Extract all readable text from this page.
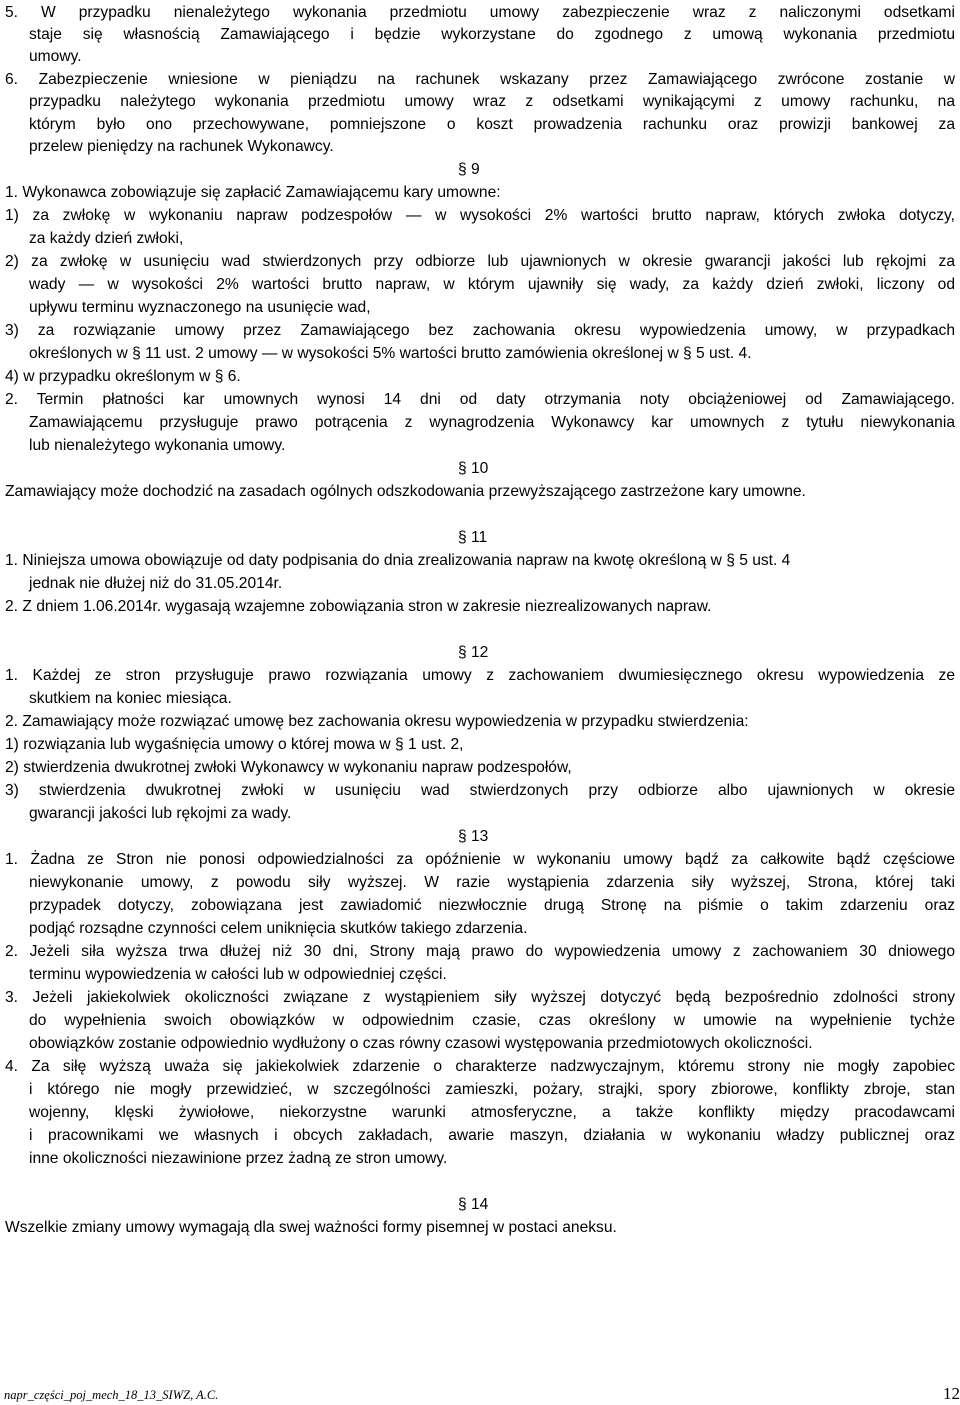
5. W przypadku nienależytego wykonania przedmiotu umowy zabezpieczenie wraz z naliczonymi odsetkami
staje się własnością Zamawiającego i będzie wykorzystane do zgodnego z umową wykonania przedmiotu
umowy.
6. Zabezpieczenie wniesione w pieniądzu na rachunek wskazany przez Zamawiającego zwrócone zostanie w
przypadku należytego wykonania przedmiotu umowy wraz z odsetkami wynikającymi z umowy rachunku, na
którym było ono przechowywane, pomniejszone o koszt prowadzenia rachunku oraz prowizji bankowej za
przelew pieniędzy na rachunek Wykonawcy.
§ 9
1. Wykonawca zobowiązuje się zapłacić Zamawiającemu kary umowne:
1) za zwłokę w wykonaniu napraw podzespołów — w wysokości 2% wartości brutto napraw, których zwłoka dotyczy,
za każdy dzień zwłoki,
2) za zwłokę w usunięciu wad stwierdzonych przy odbiorze lub ujawnionych w okresie gwarancji jakości lub rękojmi za
wady — w wysokości 2% wartości brutto napraw, w którym ujawniły się wady, za każdy dzień zwłoki, liczony od
upływu terminu wyznaczonego na usunięcie wad,
3) za rozwiązanie umowy przez Zamawiającego bez zachowania okresu wypowiedzenia umowy, w przypadkach
określonych w § 11 ust. 2 umowy — w wysokości 5% wartości brutto zamówienia określonej w § 5 ust. 4.
4) w przypadku określonym w § 6.
2. Termin płatności kar umownych wynosi 14 dni od daty otrzymania noty obciążeniowej od Zamawiającego.
Zamawiającemu przysługuje prawo potrącenia z wynagrodzenia Wykonawcy kar umownych z tytułu niewykonania
lub nienależytego wykonania umowy.
§ 10
Zamawiający może dochodzić na zasadach ogólnych odszkodowania przewyższającego zastrzeżone kary umowne.
§ 11
1. Niniejsza umowa obowiązuje od daty podpisania do dnia zrealizowania napraw na kwotę określoną w § 5 ust. 4
jednak nie dłużej niż do 31.05.2014r.
2. Z dniem 1.06.2014r. wygasają wzajemne zobowiązania stron w zakresie niezrealizowanych napraw.
§ 12
1. Każdej ze stron przysługuje prawo rozwiązania umowy z zachowaniem dwumiesięcznego okresu wypowiedzenia ze
skutkiem na koniec miesiąca.
2. Zamawiający może rozwiązać umowę bez zachowania okresu wypowiedzenia w przypadku stwierdzenia:
1) rozwiązania lub wygaśnięcia umowy o której mowa w § 1 ust. 2,
2) stwierdzenia dwukrotnej zwłoki Wykonawcy w wykonaniu napraw podzespołów,
3) stwierdzenia dwukrotnej zwłoki w usunięciu wad stwierdzonych przy odbiorze albo ujawnionych w okresie
gwarancji jakości lub rękojmi za wady.
§ 13
1. Żadna ze Stron nie ponosi odpowiedzialności za opóźnienie w wykonaniu umowy bądź za całkowite bądź częściowe
niewykonanie umowy, z powodu siły wyższej. W razie wystąpienia zdarzenia siły wyższej, Strona, której taki
przypadek dotyczy, zobowiązana jest zawiadomić niezwłocznie drugą Stronę na piśmie o takim zdarzeniu oraz
podjąć rozsądne czynności celem uniknięcia skutków takiego zdarzenia.
2. Jeżeli siła wyższa trwa dłużej niż 30 dni, Strony mają prawo do wypowiedzenia umowy z zachowaniem 30 dniowego
terminu wypowiedzenia w całości lub w odpowiedniej części.
3. Jeżeli jakiekolwiek okoliczności związane z wystąpieniem siły wyższej dotyczyć będą bezpośrednio zdolności strony
do wypełnienia swoich obowiązków w odpowiednim czasie, czas określony w umowie na wypełnienie tychże
obowiązków zostanie odpowiednio wydłużony o czas równy czasowi występowania przedmiotowych okoliczności.
4. Za siłę wyższą uważa się jakiekolwiek zdarzenie o charakterze nadzwyczajnym, któremu strony nie mogły zapobiec
i którego nie mogły przewidzieć, w szczególności zamieszki, pożary, strajki, spory zbiorowe, konflikty zbroje, stan
wojenny, klęski żywiołowe, niekorzystne warunki atmosferyczne, a także konflikty między pracodawcami
i pracownikami we własnych i obcych zakładach, awarie maszyn, działania w wykonaniu władzy publicznej oraz
inne okoliczności niezawinione przez żadną ze stron umowy.
§ 14
Wszelkie zmiany umowy wymagają dla swej ważności formy pisemnej w postaci aneksu.
napr_części_poj_mech_18_13_SIWZ, A.C.	12
